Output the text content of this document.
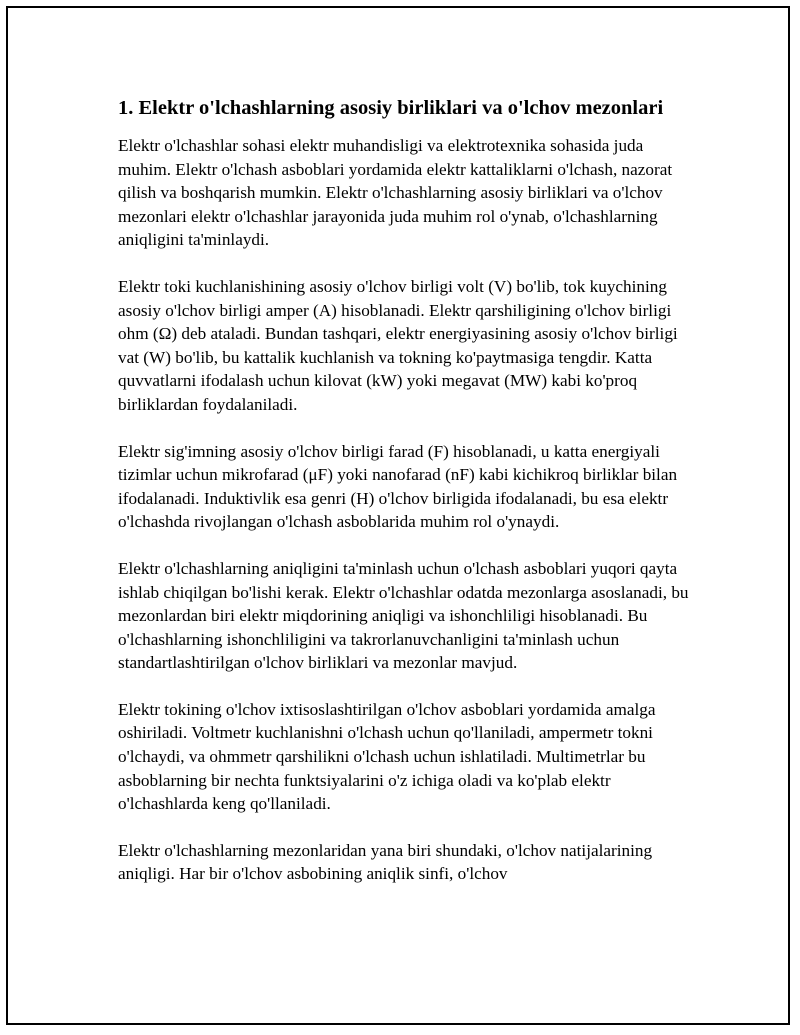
1. Elektr o'lchashlarning asosiy birliklari va o'lchov mezonlari

Elektr o'lchashlar sohasi elektr muhandisligi va elektrotexnika sohasida juda muhim. Elektr o'lchash asboblari yordamida elektr kattaliklarni o'lchash, nazorat qilish va boshqarish mumkin. Elektr o'lchashlarning asosiy birliklari va o'lchov mezonlari elektr o'lchashlar jarayonida juda muhim rol o'ynab, o'lchashlarning aniqligini ta'minlaydi.

Elektr toki kuchlanishining asosiy o'lchov birligi volt (V) bo'lib, tok kuychining asosiy o'lchov birligi amper (A) hisoblanadi. Elektr qarshiligining o'lchov birligi ohm (Ω) deb ataladi. Bundan tashqari, elektr energiyasining asosiy o'lchov birligi vat (W) bo'lib, bu kattalik kuchlanish va tokning ko'paytmasiga tengdir. Katta quvvatlarni ifodalash uchun kilovat (kW) yoki megavat (MW) kabi ko'proq birliklardan foydalaniladi.

Elektr sig'imning asosiy o'lchov birligi farad (F) hisoblanadi, u katta energiyali tizimlar uchun mikrofarad (μF) yoki nanofarad (nF) kabi kichikroq birliklar bilan ifodalanadi. Induktivlik esa genri (H) o'lchov birligida ifodalanadi, bu esa elektr o'lchashda rivojlangan o'lchash asboblarida muhim rol o'ynaydi.

Elektr o'lchashlarning aniqligini ta'minlash uchun o'lchash asboblari yuqori qayta ishlab chiqilgan bo'lishi kerak. Elektr o'lchashlar odatda mezonlarga asoslanadi, bu mezonlardan biri elektr miqdorining aniqligi va ishonchliligi hisoblanadi. Bu o'lchashlarning ishonchliligini va takrorlanuvchanligini ta'minlash uchun standartlashtirilgan o'lchov birliklari va mezonlar mavjud.

Elektr tokining o'lchov ixtisoslashtirilgan o'lchov asboblari yordamida amalga oshiriladi. Voltmetr kuchlanishni o'lchash uchun qo'llaniladi, ampermetr tokni o'lchaydi, va ohmmetr qarshilikni o'lchash uchun ishlatiladi. Multimetrlar bu asboblarning bir nechta funktsiyalarini o'z ichiga oladi va ko'plab elektr o'lchashlarda keng qo'llaniladi.

Elektr o'lchashlarning mezonlaridan yana biri shundaki, o'lchov natijalarining aniqligi. Har bir o'lchov asbobining aniqlik sinfi, o'lchov
